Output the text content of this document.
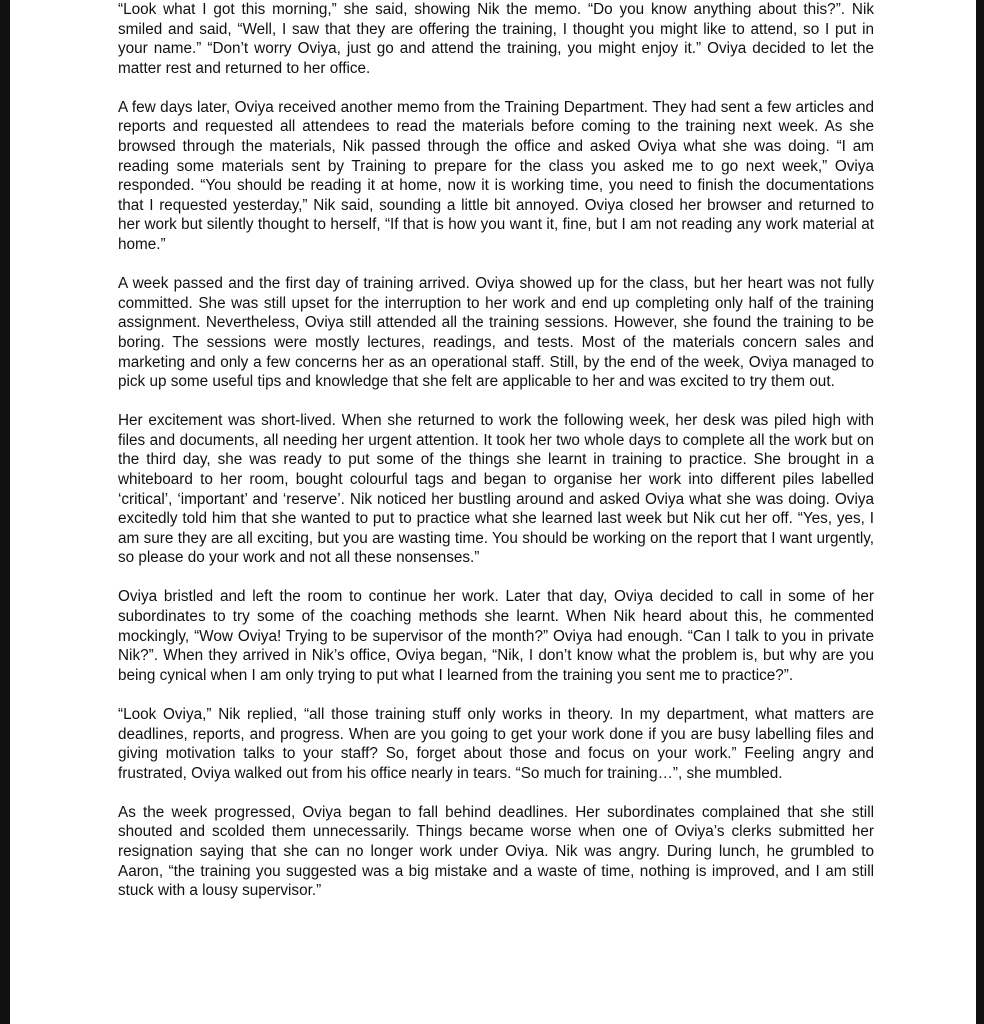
“Look what I got this morning,” she said, showing Nik the memo. “Do you know anything about this?”. Nik smiled and said, “Well, I saw that they are offering the training, I thought you might like to attend, so I put in your name.” “Don’t worry Oviya, just go and attend the training, you might enjoy it.” Oviya decided to let the matter rest and returned to her office.

A few days later, Oviya received another memo from the Training Department. They had sent a few articles and reports and requested all attendees to read the materials before coming to the training next week. As she browsed through the materials, Nik passed through the office and asked Oviya what she was doing. “I am reading some materials sent by Training to prepare for the class you asked me to go next week,” Oviya responded. “You should be reading it at home, now it is working time, you need to finish the documentations that I requested yesterday,” Nik said, sounding a little bit annoyed. Oviya closed her browser and returned to her work but silently thought to herself, “If that is how you want it, fine, but I am not reading any work material at home.”

A week passed and the first day of training arrived. Oviya showed up for the class, but her heart was not fully committed. She was still upset for the interruption to her work and end up completing only half of the training assignment. Nevertheless, Oviya still attended all the training sessions. However, she found the training to be boring. The sessions were mostly lectures, readings, and tests. Most of the materials concern sales and marketing and only a few concerns her as an operational staff. Still, by the end of the week, Oviya managed to pick up some useful tips and knowledge that she felt are applicable to her and was excited to try them out.

Her excitement was short-lived. When she returned to work the following week, her desk was piled high with files and documents, all needing her urgent attention. It took her two whole days to complete all the work but on the third day, she was ready to put some of the things she learnt in training to practice. She brought in a whiteboard to her room, bought colourful tags and began to organise her work into different piles labelled ‘critical’, ‘important’ and ‘reserve’. Nik noticed her bustling around and asked Oviya what she was doing. Oviya excitedly told him that she wanted to put to practice what she learned last week but Nik cut her off. “Yes, yes, I am sure they are all exciting, but you are wasting time. You should be working on the report that I want urgently, so please do your work and not all these nonsenses.”

Oviya bristled and left the room to continue her work. Later that day, Oviya decided to call in some of her subordinates to try some of the coaching methods she learnt. When Nik heard about this, he commented mockingly, “Wow Oviya! Trying to be supervisor of the month?” Oviya had enough. “Can I talk to you in private Nik?”. When they arrived in Nik’s office, Oviya began, “Nik, I don’t know what the problem is, but why are you being cynical when I am only trying to put what I learned from the training you sent me to practice?”.

“Look Oviya,” Nik replied, “all those training stuff only works in theory. In my department, what matters are deadlines, reports, and progress. When are you going to get your work done if you are busy labelling files and giving motivation talks to your staff? So, forget about those and focus on your work.” Feeling angry and frustrated, Oviya walked out from his office nearly in tears. “So much for training…”, she mumbled.

As the week progressed, Oviya began to fall behind deadlines. Her subordinates complained that she still shouted and scolded them unnecessarily. Things became worse when one of Oviya’s clerks submitted her resignation saying that she can no longer work under Oviya. Nik was angry. During lunch, he grumbled to Aaron, “the training you suggested was a big mistake and a waste of time, nothing is improved, and I am still stuck with a lousy supervisor.”
